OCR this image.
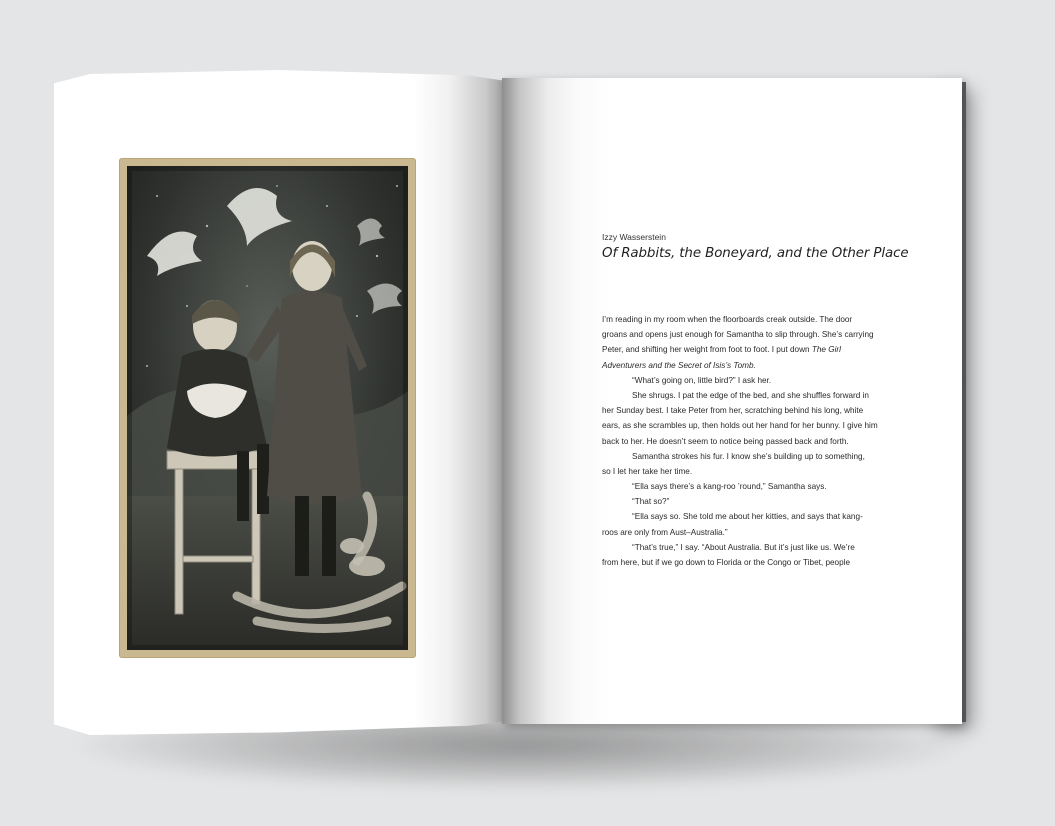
Izzy Wasserstein

Of Rabbits, the Boneyard, and the Other Place

I’m reading in my room when the floorboards creak outside. The door
groans and opens just enough for Samantha to slip through. She’s carrying
Peter, and shifting her weight from foot to foot. I put down The Girl
Adventurers and the Secret of Isis’s Tomb.
“What’s going on, little bird?” I ask her.
She shrugs. I pat the edge of the bed, and she shuffles forward in
her Sunday best. I take Peter from her, scratching behind his long, white
ears, as she scrambles up, then holds out her hand for her bunny. I give him
back to her. He doesn’t seem to notice being passed back and forth.
Samantha strokes his fur. I know she’s building up to something,
so I let her take her time.
“Ella says there’s a kang-roo ’round,” Samantha says.
“That so?”
“Ella says so. She told me about her kitties, and says that kang-
roos are only from Aust–Australia.”
“That’s true,” I say. “About Australia. But it’s just like us. We’re
from here, but if we go down to Florida or the Congo or Tibet, people
